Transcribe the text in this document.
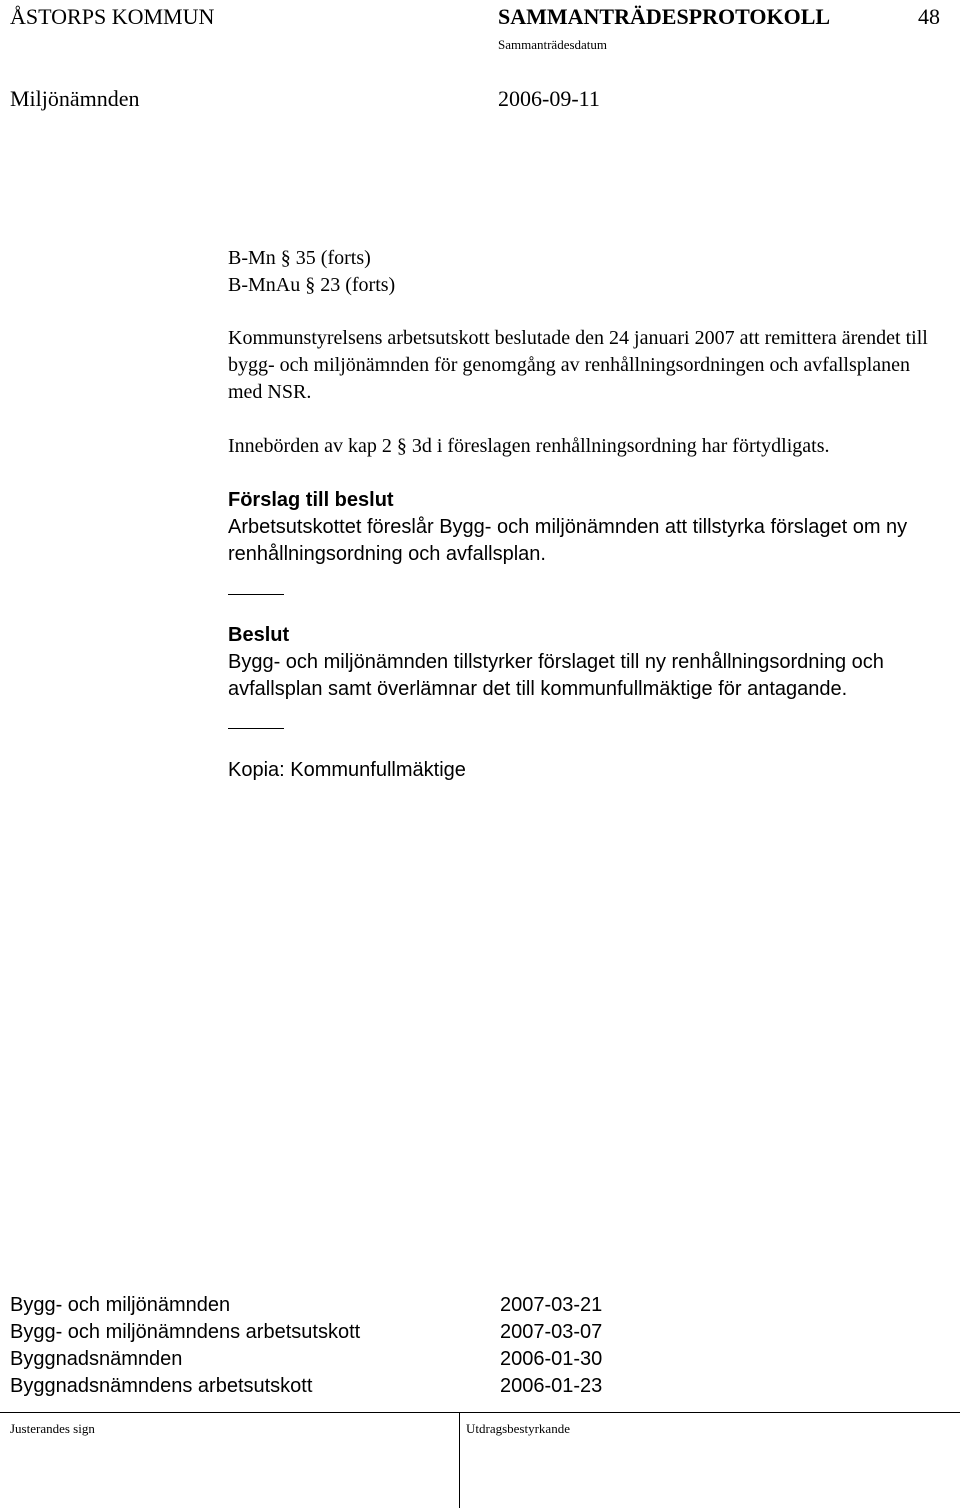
ÅSTORPS KOMMUN	SAMMANTRÄDESPROTOKOLL	48
Sammanträdesdatum
Miljönämnden	2006-09-11
B-Mn § 35 (forts)
B-MnAu § 23 (forts)
Kommunstyrelsens arbetsutskott beslutade den 24 januari 2007 att remittera ärendet till bygg- och miljönämnden för genomgång av renhållningsordningen och avfallsplanen med NSR.
Innebörden av kap 2 § 3d i föreslagen renhållningsordning har förtydligats.
Förslag till beslut
Arbetsutskottet föreslår Bygg- och miljönämnden att tillstyrka förslaget om ny renhållningsordning och avfallsplan.
Beslut
Bygg- och miljönämnden tillstyrker förslaget till ny renhållningsordning och avfallsplan samt överlämnar det till kommunfullmäktige för antagande.
Kopia: Kommunfullmäktige
Bygg- och miljönämnden	2007-03-21
Bygg- och miljönämndens arbetsutskott	2007-03-07
Byggnadsnämnden	2006-01-30
Byggnadsnämndens arbetsutskott	2006-01-23
Justerandes sign	Utdragsbestyrkande
